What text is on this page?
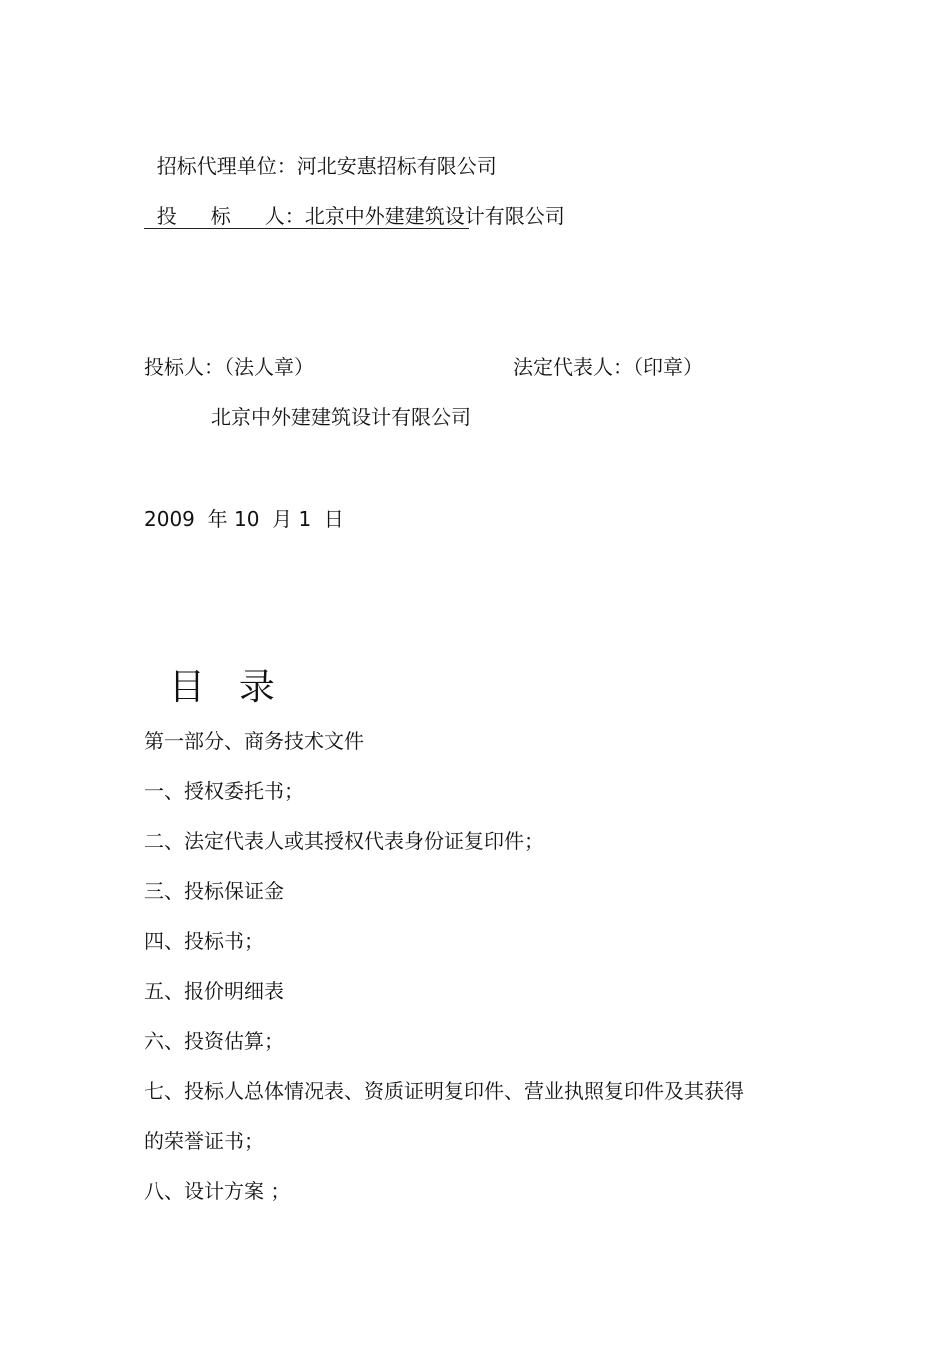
招标代理单位：河北安惠招标有限公司

投 标 人：北京中外建建筑设计有限公司

投标人：（法人章）	法定代表人：（印章）
北京中外建建筑设计有限公司
2009  年 10  月 1  日

目 录

第一部分、商务技术文件
一、授权委托书；
二、法定代表人或其授权代表身份证复印件；
三、投标保证金
四、投标书；
五、报价明细表
六、投资估算；
七、投标人总体情况表、资质证明复印件、营业执照复印件及其获得
的荣誉证书；
八、设计方案 ；
